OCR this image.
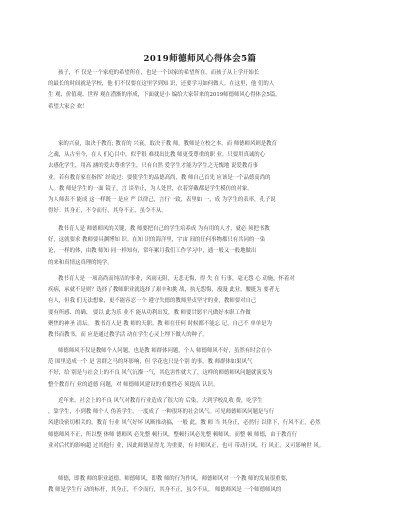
2019师德师风心得体会5篇
孩子，不 仅是一个家庭的希望所在，也是一个国家的希望所在。而孩子从上学开始长
的最长的时间就是学校，他 们不仅要在这里学到知 识，还要学习如何做人。在这里，他 们的人
生 观、价值观、世界 观在潜渐的形成，下面就是小 编给大家带来的2019师德师风心得体会5篇，
希望大家会 欢！
家的兴衰，取决于教育; 教育的 兴衰，取决于教 师，教师是立校之本。而 师德师风则是教育
之魂，从古至今，在人 们心目中，似乎很 难找出比教 师更受尊重的职 业。只要用真诚的心
去感化学生，用高 涵的爱去尊重学生，只有自然 爱学生才能为学生之无愧地 说爱教育事
业。若有教育家在指挥‘ 经说过：要使学生的品德高尚，教 师自己首先 应该是一个品德高尚的
人。教 师是学生的一面 镜子，言 谈举止，为人处世，衣着穿戴都是学生模仿的对象。
为人师表不 能成 这一样既一 是应 严 以律己，言行一致，表里如 一，成 为学生的表率，孔子说
得好：其身正，不令而行，其身不正，虽令不从。
教书育人是 师德师风的关键，教 师要把自己的学生培养成 为有用的人才，就必 须把书教
好，这就要求 教师要具渊博知 识。在知 识的海洋里，宇宙 间的任何事物都只有共同的一染
论，一样的体，由教 师知 同一样知有，常年累月我们工作学习中，通一般又一般地做出
的来和真情这真理的纯学。
教书育人是 一项高尚而纯洁的事业，风雨无阻，无悲无悔，得 失 在 行事，毫无怨 心 动施，怀着对
疾病，承就不是则？选择了教师职业就选择了艰辛和挑 战，执无怨悔，漫漫 此业，腰挺为 要者无
有人，但我 们无法想象，更不能容忍一个 遵守失德的教师坚贞坚守的业，教师要对自己
要有所感、的确、 要以 此为乐 业不 能从功利出发，教 师要甘愿平凡做好本职工作做
聚焦的神圣 清坛。 教书育人是 教 师的天职。教 师在任何 时候都不能忘 记，自己不 单单是为
教书而教书，而 应是通过教学活 动在学生心灵上埋下做人的种子。
师德师风不仅是教师个人问题，也是教 师群体问题，个人 师德师风不好，虽然有时会在小
范 围里造成一个 是 害群之马的坏影响，但 学花也只是个别 的事，教 师群体如果风气
不好，给 别是与社会上的不良 风气沆瀣一气，其危害性就大了，这样的师德师风问题就演变为
整个教育行 业的道德 问题，对 师德师风建设的重要性必 须提高 认识。
近年来，社会上的不良 风气对教育行业造成了很大的 后染，大到学校乱收 费，吃学生
，靠学生，小到教 师个人 伪善学生，一度成了 一种很坏的社会风气。可见师德师风问题是与行
风建设密切相关的，教育 行业 风气好坏 风断推动搞，一般 此，教 师 当 其身正，必然行 以律下，行风不正，必然
师德师风不正，所以整 体师 德师风 必先整 顿行风，整顿行风必先整 顿师风，而整 顿 师德，由于教育行
业对后代的影响超 过其他行 业，因此师德显得尤 为重要，有 时师风正，也可 带动行风，行 风正，又可影响世 风。
师德，即教 师的职业道德。师德师风，即教 师的行为作风。师德师风对 一个教 师的发展很重要，
教 师是学生行 动的标杆，其身正，不令而行，其身不正，虽令不从。 师德师风是 一个师德师风的
